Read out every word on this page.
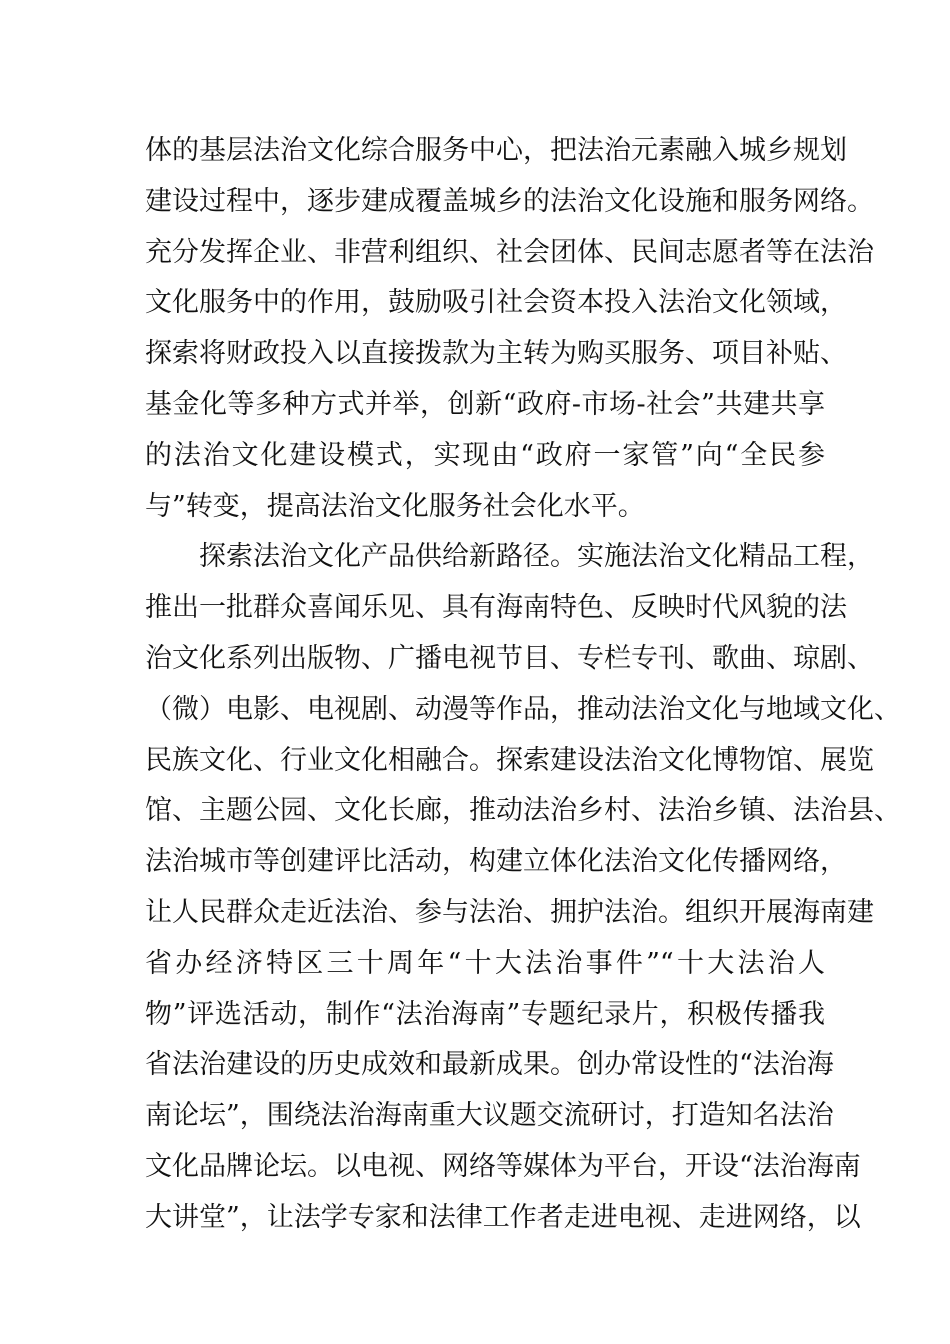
体的基层法治文化综合服务中心，把法治元素融入城乡规划
建设过程中，逐步建成覆盖城乡的法治文化设施和服务网络。
充分发挥企业、非营利组织、社会团体、民间志愿者等在法治
文化服务中的作用，鼓励吸引社会资本投入法治文化领域，
探索将财政投入以直接拨款为主转为购买服务、项目补贴、
基金化等多种方式并举，创新“政府-市场-社会”共建共享
的法治文化建设模式，实现由“政府一家管”向“全民参
与”转变，提高法治文化服务社会化水平。
探索法治文化产品供给新路径。实施法治文化精品工程，
推出一批群众喜闻乐见、具有海南特色、反映时代风貌的法
治文化系列出版物、广播电视节目、专栏专刊、歌曲、琼剧、
（微）电影、电视剧、动漫等作品，推动法治文化与地域文化、
民族文化、行业文化相融合。探索建设法治文化博物馆、展览
馆、主题公园、文化长廊，推动法治乡村、法治乡镇、法治县、
法治城市等创建评比活动，构建立体化法治文化传播网络，
让人民群众走近法治、参与法治、拥护法治。组织开展海南建
省办经济特区三十周年“十大法治事件”“十大法治人
物”评选活动，制作“法治海南”专题纪录片，积极传播我
省法治建设的历史成效和最新成果。创办常设性的“法治海
南论坛”，围绕法治海南重大议题交流研讨，打造知名法治
文化品牌论坛。以电视、网络等媒体为平台，开设“法治海南
大讲堂”，让法学专家和法律工作者走进电视、走进网络，以
